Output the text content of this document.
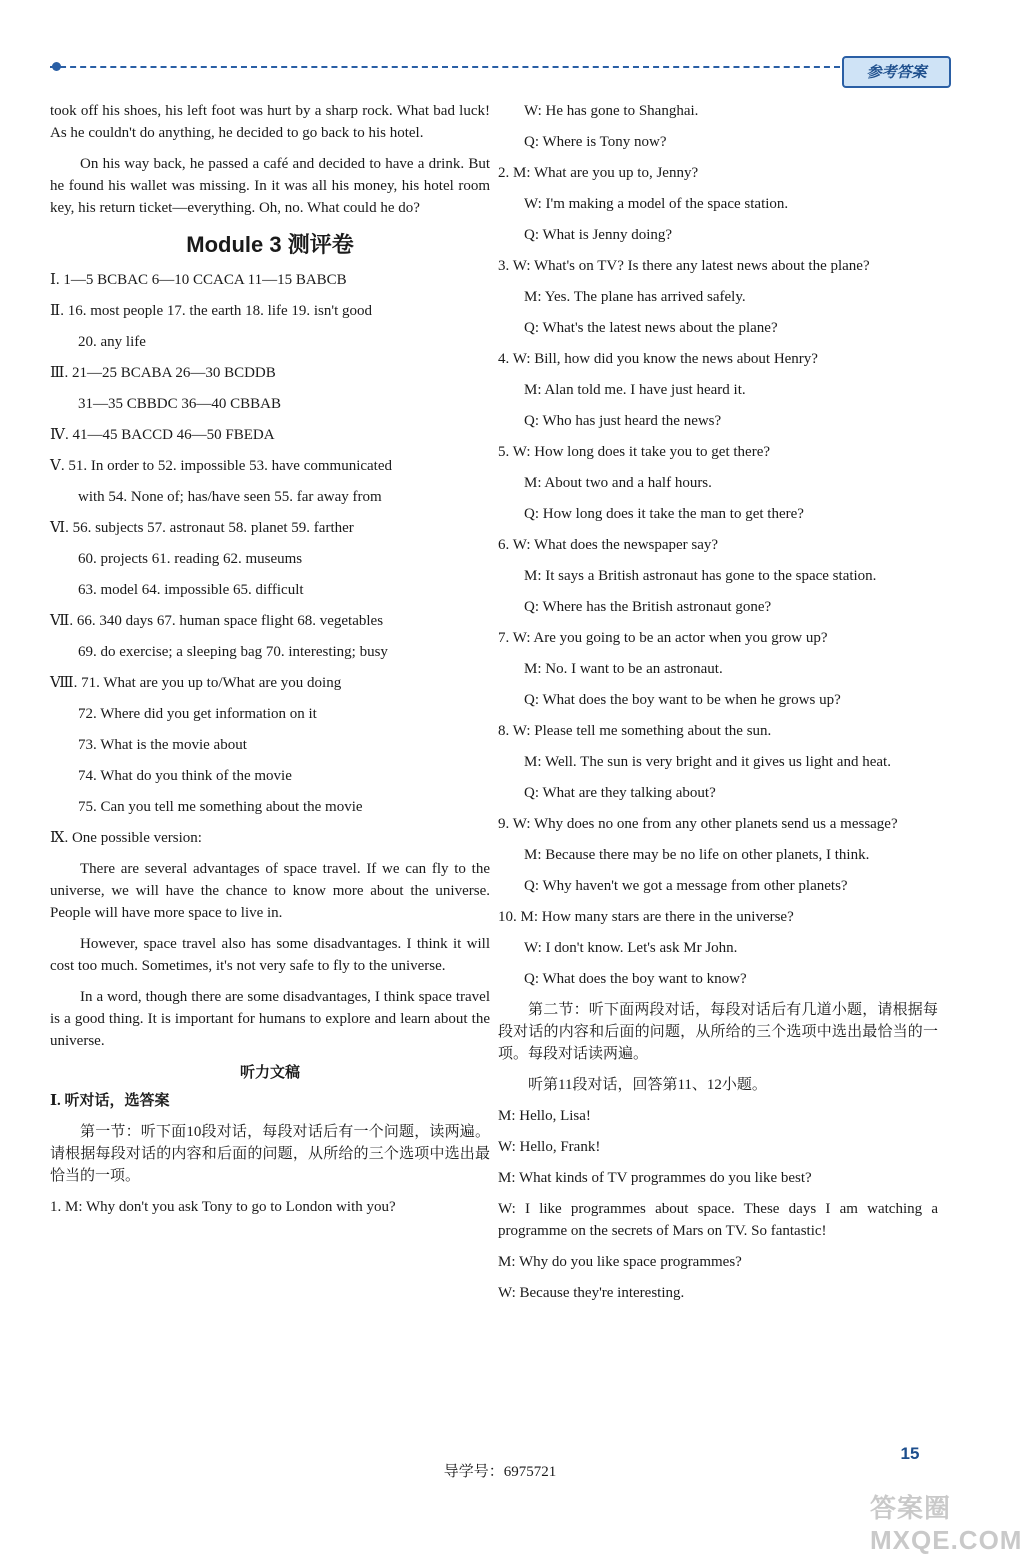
参考答案

took off his shoes, his left foot was hurt by a sharp rock. What bad luck! As he couldn't do anything, he decided to go back to his hotel.

On his way back, he passed a café and decided to have a drink. But he found his wallet was missing. In it was all his money, his hotel room key, his return ticket—everything. Oh, no. What could he do?

Module 3 测评卷
Ⅰ. 1—5 BCBAC 6—10 CCACA 11—15 BABCB
Ⅱ. 16. most people 17. the earth 18. life 19. isn't good
20. any life
Ⅲ. 21—25 BCABA 26—30 BCDDB
31—35 CBBDC 36—40 CBBAB
Ⅳ. 41—45 BACCD 46—50 FBEDA
Ⅴ. 51. In order to 52. impossible 53. have communicated
with 54. None of; has/have seen 55. far away from
Ⅵ. 56. subjects 57. astronaut 58. planet 59. farther
60. projects 61. reading 62. museums
63. model 64. impossible 65. difficult
Ⅶ. 66. 340 days 67. human space flight 68. vegetables
69. do exercise; a sleeping bag 70. interesting; busy
Ⅷ. 71. What are you up to/What are you doing
72. Where did you get information on it
73. What is the movie about
74. What do you think of the movie
75. Can you tell me something about the movie
Ⅸ. One possible version:

There are several advantages of space travel. If we can fly to the universe, we will have the chance to know more about the universe. People will have more space to live in.

However, space travel also has some disadvantages. I think it will cost too much. Sometimes, it's not very safe to fly to the universe.

In a word, though there are some disadvantages, I think space travel is a good thing. It is important for humans to explore and learn about the universe.

听力文稿
Ⅰ. 听对话，选答案

第一节：听下面10段对话，每段对话后有一个问题，读两遍。请根据每段对话的内容和后面的问题，从所给的三个选项中选出最恰当的一项。

1. M: Why don't you ask Tony to go to London with you?
W: He has gone to Shanghai.
Q: Where is Tony now?
2. M: What are you up to, Jenny?
W: I'm making a model of the space station.
Q: What is Jenny doing?
3. W: What's on TV? Is there any latest news about the plane?
M: Yes. The plane has arrived safely.
Q: What's the latest news about the plane?
4. W: Bill, how did you know the news about Henry?
M: Alan told me. I have just heard it.
Q: Who has just heard the news?
5. W: How long does it take you to get there?
M: About two and a half hours.
Q: How long does it take the man to get there?
6. W: What does the newspaper say?
M: It says a British astronaut has gone to the space station.
Q: Where has the British astronaut gone?
7. W: Are you going to be an actor when you grow up?
M: No. I want to be an astronaut.
Q: What does the boy want to be when he grows up?
8. W: Please tell me something about the sun.

M: Well. The sun is very bright and it gives us light and heat.

Q: What are they talking about?

9. W: Why does no one from any other planets send us a message?

M: Because there may be no life on other planets, I think.
Q: Why haven't we got a message from other planets?
10. M: How many stars are there in the universe?
W: I don't know. Let's ask Mr John.
Q: What does the boy want to know?

第二节：听下面两段对话，每段对话后有几道小题，请根据每段对话的内容和后面的问题，从所给的三个选项中选出最恰当的一项。每段对话读两遍。

听第11段对话，回答第11、12小题。
M: Hello, Lisa!
W: Hello, Frank!
M: What kinds of TV programmes do you like best?

W: I like programmes about space. These days I am watching a programme on the secrets of Mars on TV. So fantastic!

M: Why do you like space programmes?
W: Because they're interesting.
导学号：6975721
15
答案圈 MXQE.COM
